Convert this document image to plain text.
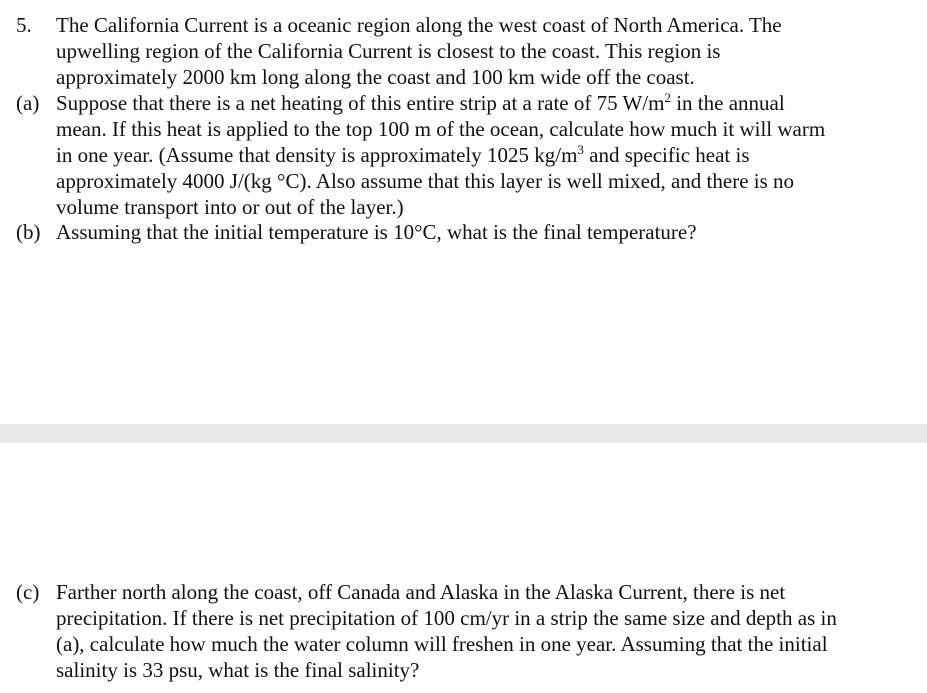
5.	The California Current is a oceanic region along the west coast of North America. The
upwelling region of the California Current is closest to the coast. This region is
approximately 2000 km long along the coast and 100 km wide off the coast.
(a) Suppose that there is a net heating of this entire strip at a rate of 75 $W/m^2$ in the annual
mean. If this heat is applied to the top 100 m of the ocean, calculate how much it will warm
in one year. (Assume that density is approximately 1025 $kg/m^3$ and specific heat is
approximately 4000 J/(kg °C). Also assume that this layer is well mixed, and there is no
volume transport into or out of the layer.)
(b) Assuming that the initial temperature is 10°C, what is the final temperature?
(c) Farther north along the coast, off Canada and Alaska in the Alaska Current, there is net
precipitation. If there is net precipitation of 100 cm/yr in a strip the same size and depth as in
(a), calculate how much the water column will freshen in one year. Assuming that the initial
salinity is 33 psu, what is the final salinity?
